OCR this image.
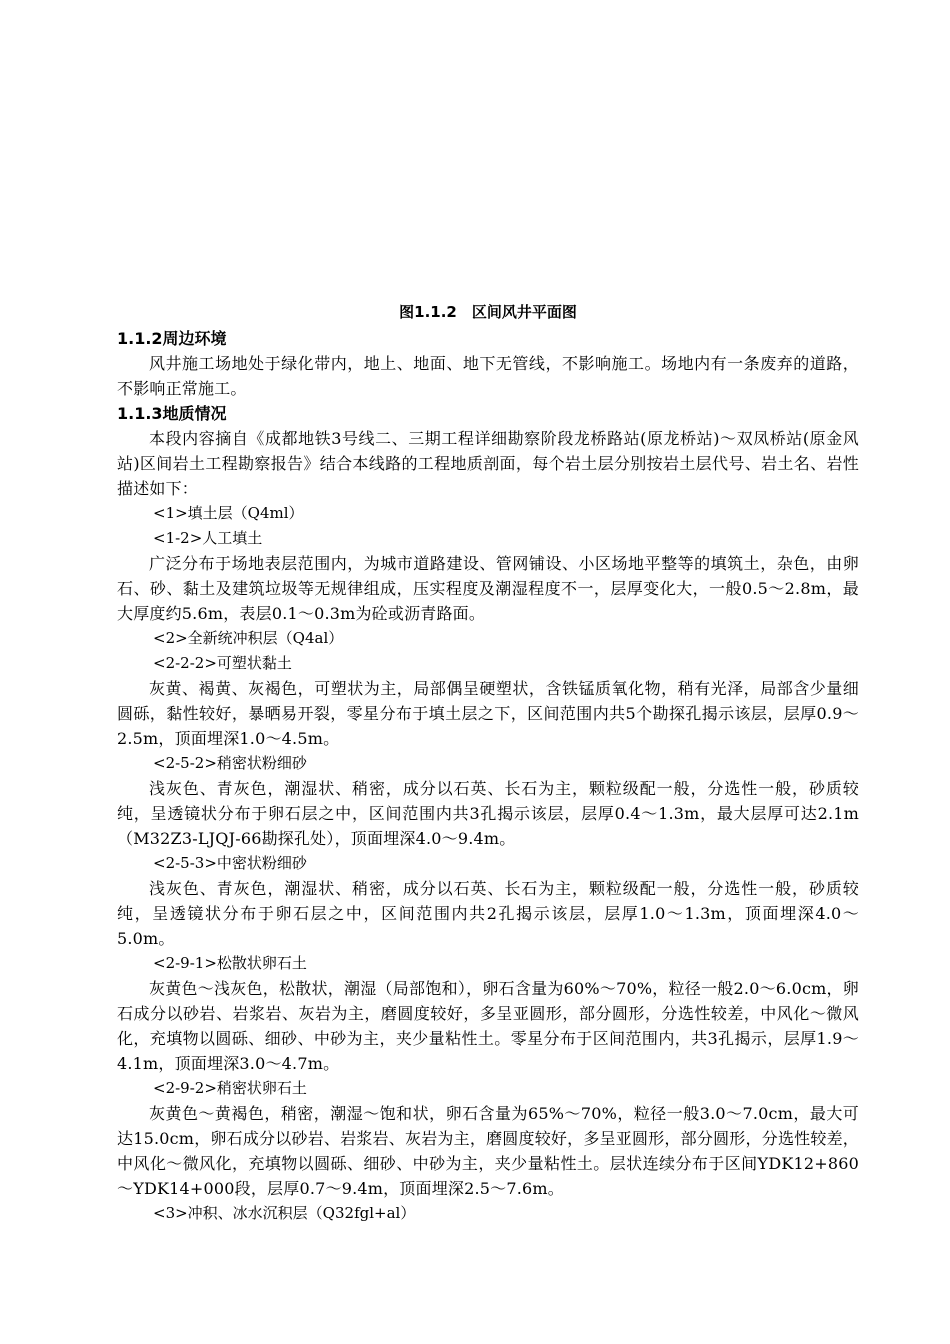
图1.1.2　区间风井平面图

1.1.2周边环境

风井施工场地处于绿化带内，地上、地面、地下无管线，不影响施工。场地内有一条废弃的道路，不影响正常施工。

1.1.3地质情况

本段内容摘自《成都地铁3号线二、三期工程详细勘察阶段龙桥路站(原龙桥站)～双凤桥站(原金风站)区间岩土工程勘察报告》结合本线路的工程地质剖面，每个岩土层分别按岩土层代号、岩土名、岩性描述如下：

<1>填土层（Q4ml）

<1-2>人工填土

广泛分布于场地表层范围内，为城市道路建设、管网铺设、小区场地平整等的填筑土，杂色，由卵石、砂、黏土及建筑垃圾等无规律组成，压实程度及潮湿程度不一，层厚变化大，一般0.5～2.8m，最大厚度约5.6m，表层0.1～0.3m为砼或沥青路面。

<2>全新统冲积层（Q4al）

<2-2-2>可塑状黏土

灰黄、褐黄、灰褐色，可塑状为主，局部偶呈硬塑状，含铁锰质氧化物，稍有光泽，局部含少量细圆砾，黏性较好，暴晒易开裂，零星分布于填土层之下，区间范围内共5个勘探孔揭示该层，层厚0.9～2.5m，顶面埋深1.0～4.5m。

<2-5-2>稍密状粉细砂

浅灰色、青灰色，潮湿状、稍密，成分以石英、长石为主，颗粒级配一般，分选性一般，砂质较纯，呈透镜状分布于卵石层之中，区间范围内共3孔揭示该层，层厚0.4～1.3m，最大层厚可达2.1m（M32Z3-LJQJ-66勘探孔处），顶面埋深4.0～9.4m。

<2-5-3>中密状粉细砂

浅灰色、青灰色，潮湿状、稍密，成分以石英、长石为主，颗粒级配一般，分选性一般，砂质较纯，呈透镜状分布于卵石层之中，区间范围内共2孔揭示该层，层厚1.0～1.3m，顶面埋深4.0～5.0m。

<2-9-1>松散状卵石土

灰黄色～浅灰色，松散状，潮湿（局部饱和），卵石含量为60%～70%，粒径一般2.0～6.0cm，卵石成分以砂岩、岩浆岩、灰岩为主，磨圆度较好，多呈亚圆形，部分圆形，分选性较差，中风化～微风化，充填物以圆砾、细砂、中砂为主，夹少量粘性土。零星分布于区间范围内，共3孔揭示，层厚1.9～4.1m，顶面埋深3.0～4.7m。

<2-9-2>稍密状卵石土

灰黄色～黄褐色，稍密，潮湿～饱和状，卵石含量为65%～70%，粒径一般3.0～7.0cm，最大可达15.0cm，卵石成分以砂岩、岩浆岩、灰岩为主，磨圆度较好，多呈亚圆形，部分圆形，分选性较差，中风化～微风化，充填物以圆砾、细砂、中砂为主，夹少量粘性土。层状连续分布于区间YDK12+860～YDK14+000段，层厚0.7～9.4m，顶面埋深2.5～7.6m。

<3>冲积、冰水沉积层（Q32fgl+al）
